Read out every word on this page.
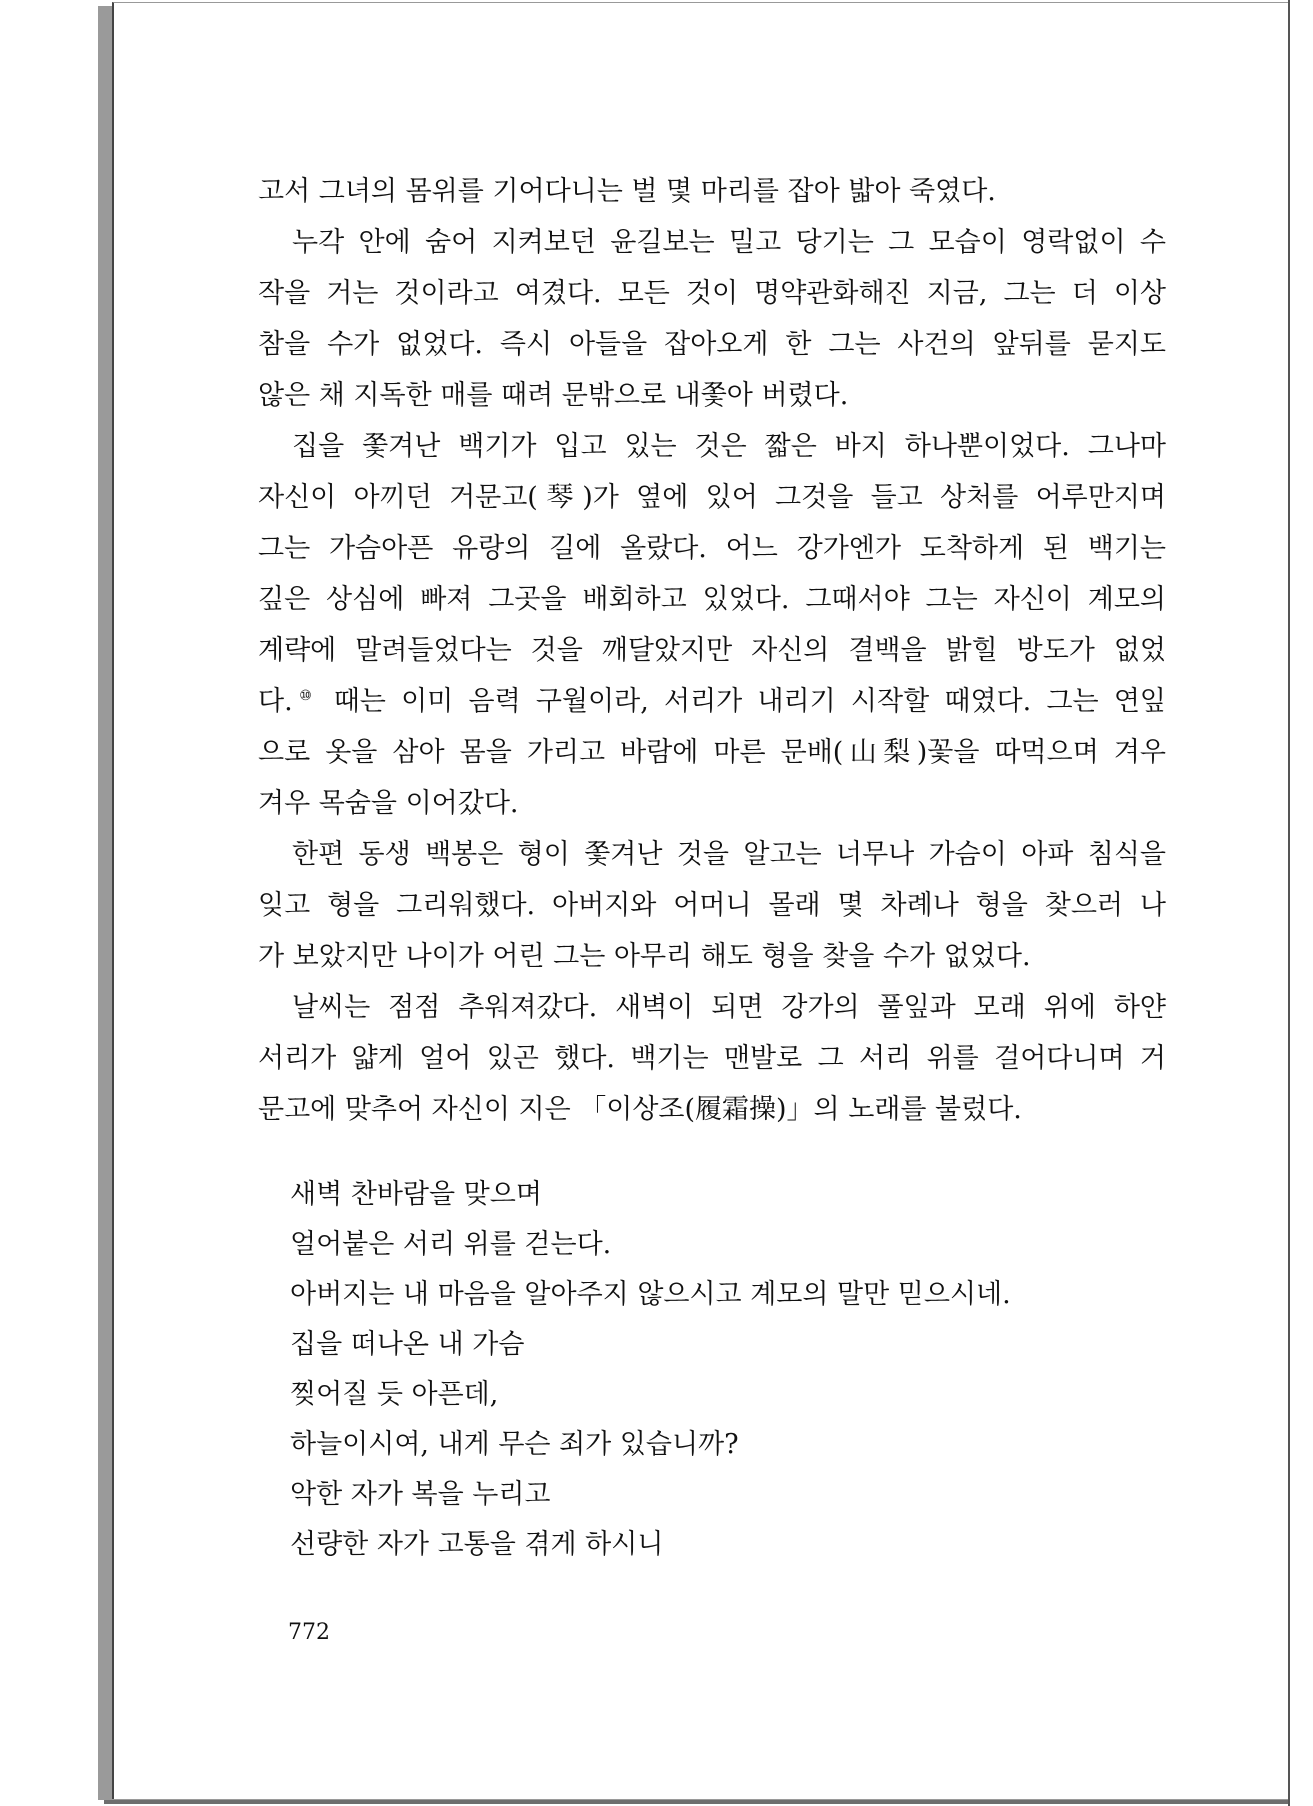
고서 그녀의 몸위를 기어다니는 벌 몇 마리를 잡아 밟아 죽였다.
누각 안에 숨어 지켜보던 윤길보는 밀고 당기는 그 모습이 영락없이 수
작을 거는 것이라고 여겼다. 모든 것이 명약관화해진 지금, 그는 더 이상
참을 수가 없었다. 즉시 아들을 잡아오게 한 그는 사건의 앞뒤를 묻지도
않은 채 지독한 매를 때려 문밖으로 내쫓아 버렸다.
집을 쫓겨난 백기가 입고 있는 것은 짧은 바지 하나뿐이었다. 그나마
자신이 아끼던 거문고(琴)가 옆에 있어 그것을 들고 상처를 어루만지며
그는 가슴아픈 유랑의 길에 올랐다. 어느 강가엔가 도착하게 된 백기는
깊은 상심에 빠져 그곳을 배회하고 있었다. 그때서야 그는 자신이 계모의
계략에 말려들었다는 것을 깨달았지만 자신의 결백을 밝힐 방도가 없었
다.⑩ 때는 이미 음력 구월이라, 서리가 내리기 시작할 때였다. 그는 연잎
으로 옷을 삼아 몸을 가리고 바람에 마른 문배(山梨)꽃을 따먹으며 겨우
겨우 목숨을 이어갔다.
한편 동생 백봉은 형이 쫓겨난 것을 알고는 너무나 가슴이 아파 침식을
잊고 형을 그리워했다. 아버지와 어머니 몰래 몇 차례나 형을 찾으러 나
가 보았지만 나이가 어린 그는 아무리 해도 형을 찾을 수가 없었다.
날씨는 점점 추워져갔다. 새벽이 되면 강가의 풀잎과 모래 위에 하얀
서리가 얇게 얼어 있곤 했다. 백기는 맨발로 그 서리 위를 걸어다니며 거
문고에 맞추어 자신이 지은 「이상조(履霜操)」의 노래를 불렀다.
새벽 찬바람을 맞으며
얼어붙은 서리 위를 걷는다.
아버지는 내 마음을 알아주지 않으시고 계모의 말만 믿으시네.
집을 떠나온 내 가슴
찢어질 듯 아픈데,
하늘이시여, 내게 무슨 죄가 있습니까?
악한 자가 복을 누리고
선량한 자가 고통을 겪게 하시니
772
